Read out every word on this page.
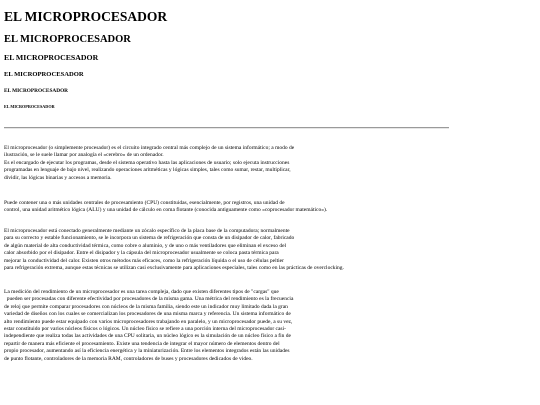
EL MICROPROCESADOR
EL MICROPROCESADOR
EL MICROPROCESADOR
EL MICROPROCESADOR
EL MICROPROCESADOR
EL MICROPROCESADOR

El microprocesador (o simplemente procesador) es el circuito integrado central más complejo de un sistema informático; a modo de
ilustración, se le suele llamar por analogía el «cerebro» de un ordenador.
Es el encargado de ejecutar los programas, desde el sistema operativo hasta las aplicaciones de usuario; solo ejecuta instrucciones
programadas en lenguaje de bajo nivel, realizando operaciones aritméticas y lógicas simples, tales como sumar, restar, multiplicar,
dividir, las lógicas binarias y accesos a memoria.

Puede contener una o más unidades centrales de procesamiento (CPU) constituidas, esencialmente, por registros, una unidad de
control, una unidad aritmético lógica (ALU) y una unidad de cálculo en coma flotante (conocida antiguamente como «coprocesador matemático»).

El microprocesador está conectado generalmente mediante un zócalo específico de la placa base de la computadora; normalmente
para su correcto y estable funcionamiento, se le incorpora un sistema de refrigeración que consta de un disipador de calor, fabricado
de algún material de alta conductividad térmica, como cobre o aluminio, y de uno o más ventiladores que eliminan el exceso del
calor absorbido por el disipador. Entre el disipador y la cápsula del microprocesador usualmente se coloca pasta térmica para
mejorar la conductividad del calor. Existen otros métodos más eficaces, como la refrigeración líquida o el uso de células peltier
para refrigeración extrema, aunque estas técnicas se utilizan casi exclusivamente para aplicaciones especiales, tales como en las prácticas de overclocking.

La medición del rendimiento de un microprocesador es una tarea compleja, dado que existen diferentes tipos de "cargas" que
pueden ser procesadas con diferente efectividad por procesadores de la misma gama. Una métrica del rendimiento es la frecuencia
de reloj que permite comparar procesadores con núcleos de la misma familia, siendo este un indicador muy limitado dada la gran
variedad de diseños con los cuales se comercializan los procesadores de una misma marca y referencia. Un sistema informático de
alto rendimiento puede estar equipado con varios microprocesadores trabajando en paralelo, y un microprocesador puede, a su vez,
estar constituido por varios núcleos físicos o lógicos. Un núcleo físico se refiere a una porción interna del microprocesador casi-
independiente que realiza todas las actividades de una CPU solitaria, un núcleo lógico es la simulación de un núcleo físico a fin de
repartir de manera más eficiente el procesamiento. Existe una tendencia de integrar el mayor número de elementos dentro del
propio procesador, aumentando así la eficiencia energética y la miniaturización. Entre los elementos integrados están las unidades
de punto flotante, controladores de la memoria RAM, controladores de buses y procesadores dedicados de video.
